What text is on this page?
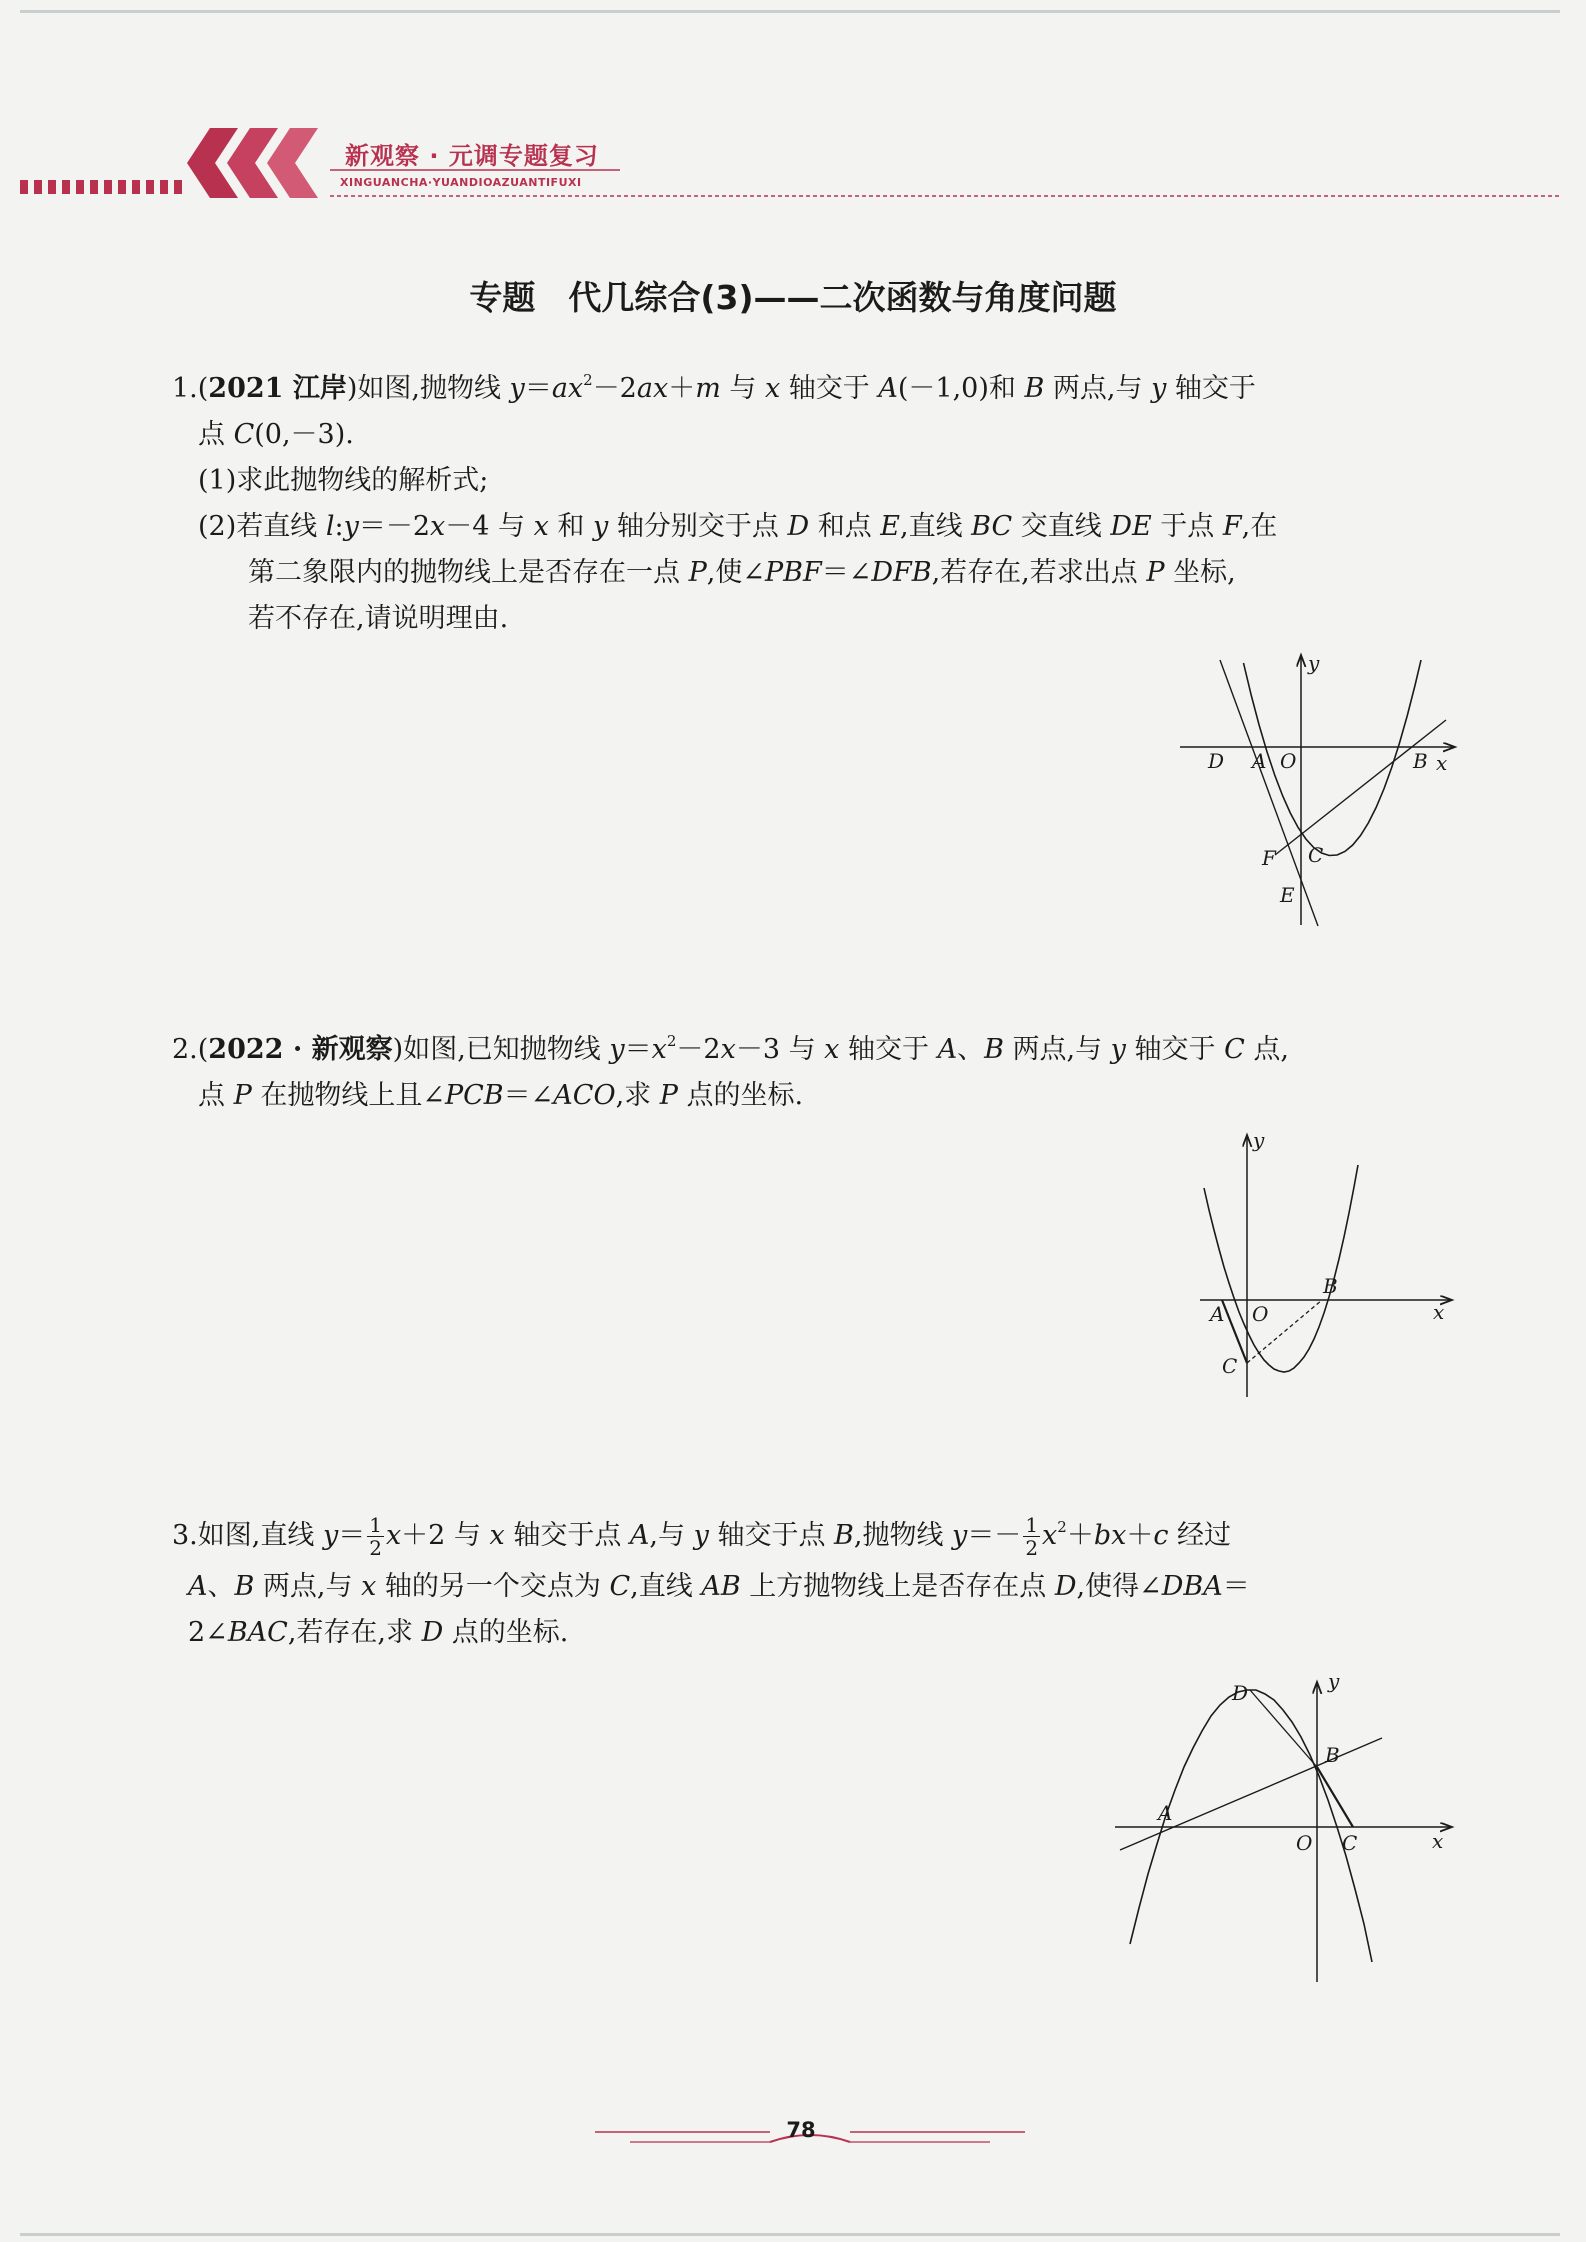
新观察 · 元调专题复习
XINGUANCHA·YUANDIOAZUANTIFUXI
专题　代几综合(3)——二次函数与角度问题
1.(2021 江岸)如图,抛物线 $y=ax^2-2ax+m$ 与 x 轴交于 A(－1,0)和 B 两点,与 y 轴交于
点 C(0,－3).
(1)求此抛物线的解析式;
(2)若直线 l:y＝－2x－4 与 x 和 y 轴分别交于点 D 和点 E,直线 BC 交直线 DE 于点 F,在
第二象限内的抛物线上是否存在一点 P,使∠PBF＝∠DFB,若存在,若求出点 P 坐标,
若不存在,请说明理由.
D A O	B x
y
F C
E
2.(2022 · 新观察)如图,已知抛物线 $y=x^2-2x-3$ 与 x 轴交于 A、B 两点,与 y 轴交于 C 点,
点 P 在抛物线上且∠PCB＝∠ACO,求 P 点的坐标.
A O
B
x
y
C
3.如图,直线 $y= \frac{1}{2} x+2$ 与 x 轴交于点 A,与 y 轴交于点 B,抛物线 $y=- \frac{1}{2} x^2+bx+c$ 经过
A、B 两点,与 x 轴的另一个交点为 C,直线 AB 上方抛物线上是否存在点 D,使得∠DBA＝
2∠BAC,若存在,求 D 点的坐标.
D
B
A
O C	x
y
78
